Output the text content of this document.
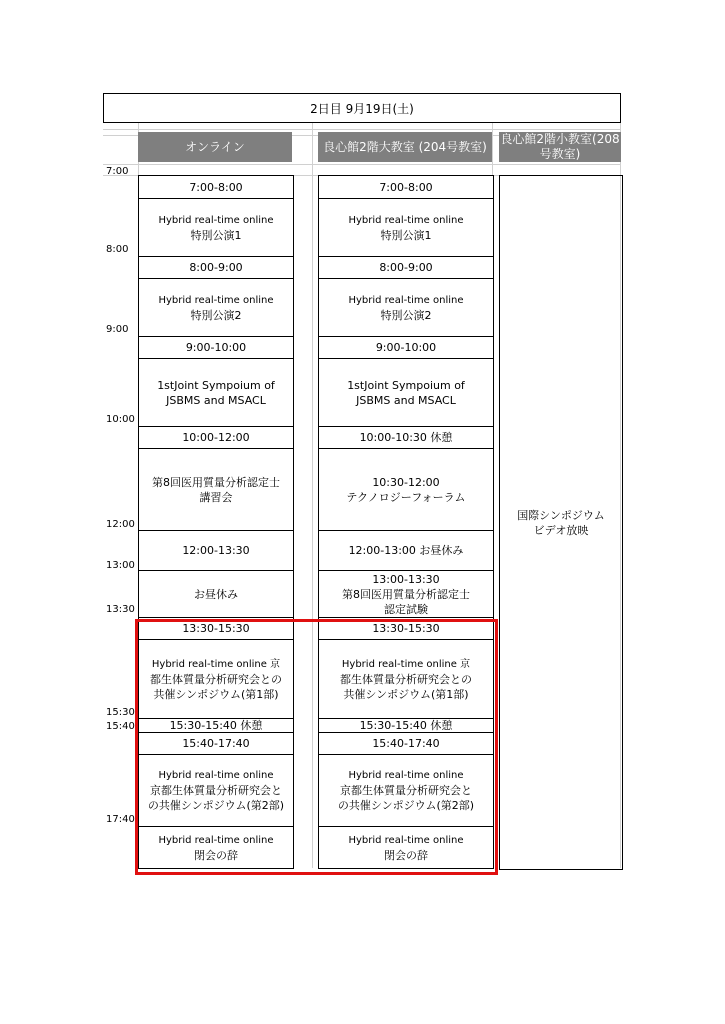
2日目 9月19日(土)
オンライン	良心館2階大教室 (204号教室)
良心館2階小教室(208号教室)
7:00
8:00
9:00
10:00
12:00
13:00
13:30
15:30
15:40
17:40
7:00-8:00
Hybrid real-time online
特別公演1
8:00-9:00
Hybrid real-time online
特別公演2
9:00-10:00
1stJoint Sympoium of
JSBMS and MSACL
10:00-12:00
第8回医用質量分析認定士
講習会
12:00-13:30
お昼休み
13:30-15:30
Hybrid real-time online 京
都生体質量分析研究会との
共催シンポジウム(第1部)
15:30-15:40 休憩
15:40-17:40
Hybrid real-time online
京都生体質量分析研究会と
の共催シンポジウム(第2部)
Hybrid real-time online
閉会の辞
7:00-8:00
Hybrid real-time online
特別公演1
8:00-9:00
Hybrid real-time online
特別公演2
9:00-10:00
1stJoint Sympoium of
JSBMS and MSACL
10:00-10:30 休憩
10:30-12:00
テクノロジーフォーラム
12:00-13:00 お昼休み
13:00-13:30
第8回医用質量分析認定士
認定試験
13:30-15:30
Hybrid real-time online 京
都生体質量分析研究会との
共催シンポジウム(第1部)
15:30-15:40 休憩
15:40-17:40
Hybrid real-time online
京都生体質量分析研究会と
の共催シンポジウム(第2部)
Hybrid real-time online
閉会の辞
国際シンポジウム
ビデオ放映
